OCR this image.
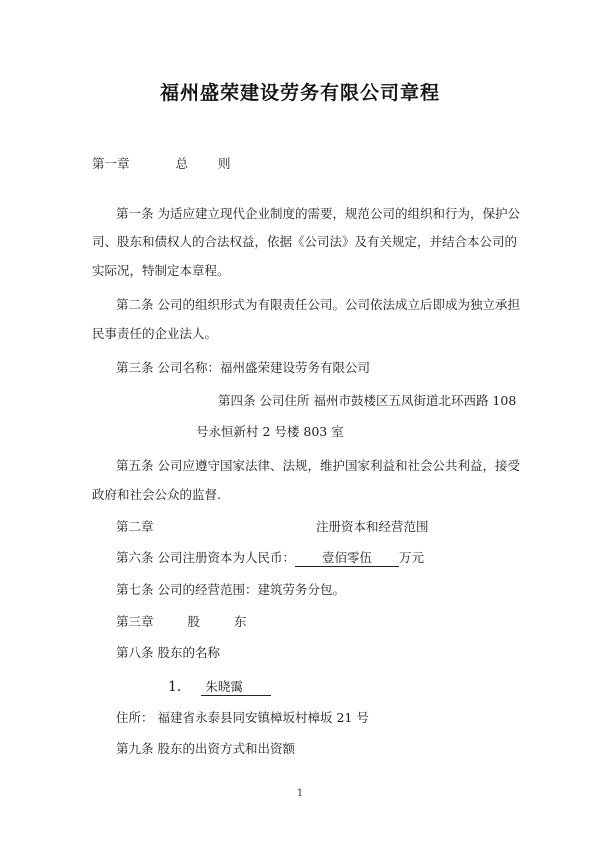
福州盛荣建设劳务有限公司章程
第一章	总 则
第一条 为适应建立现代企业制度的需要，规范公司的组织和行为，保护公
司、股东和债权人的合法权益，依据《公司法》及有关规定，并结合本公司的
实际况，特制定本章程。
第二条 公司的组织形式为有限责任公司。公司依法成立后即成为独立承担
民事责任的企业法人。
第三条 公司名称：福州盛荣建设劳务有限公司
第四条 公司住所 福州市鼓楼区五凤街道北环西路 108
号永恒新村 2 号楼 803 室
第五条 公司应遵守国家法律、法规，维护国家利益和社会公共利益，接受
政府和社会公众的监督.
第二章	注册资本和经营范围
第六条 公司注册资本为人民币： 壹佰零伍 万元
第七条 公司的经营范围：建筑劳务分包。
第三章	股	东
第八条 股东的名称
1. 朱晓霭
住所： 福建省永泰县同安镇樟坂村樟坂 21 号
第九条 股东的出资方式和出资额
1
